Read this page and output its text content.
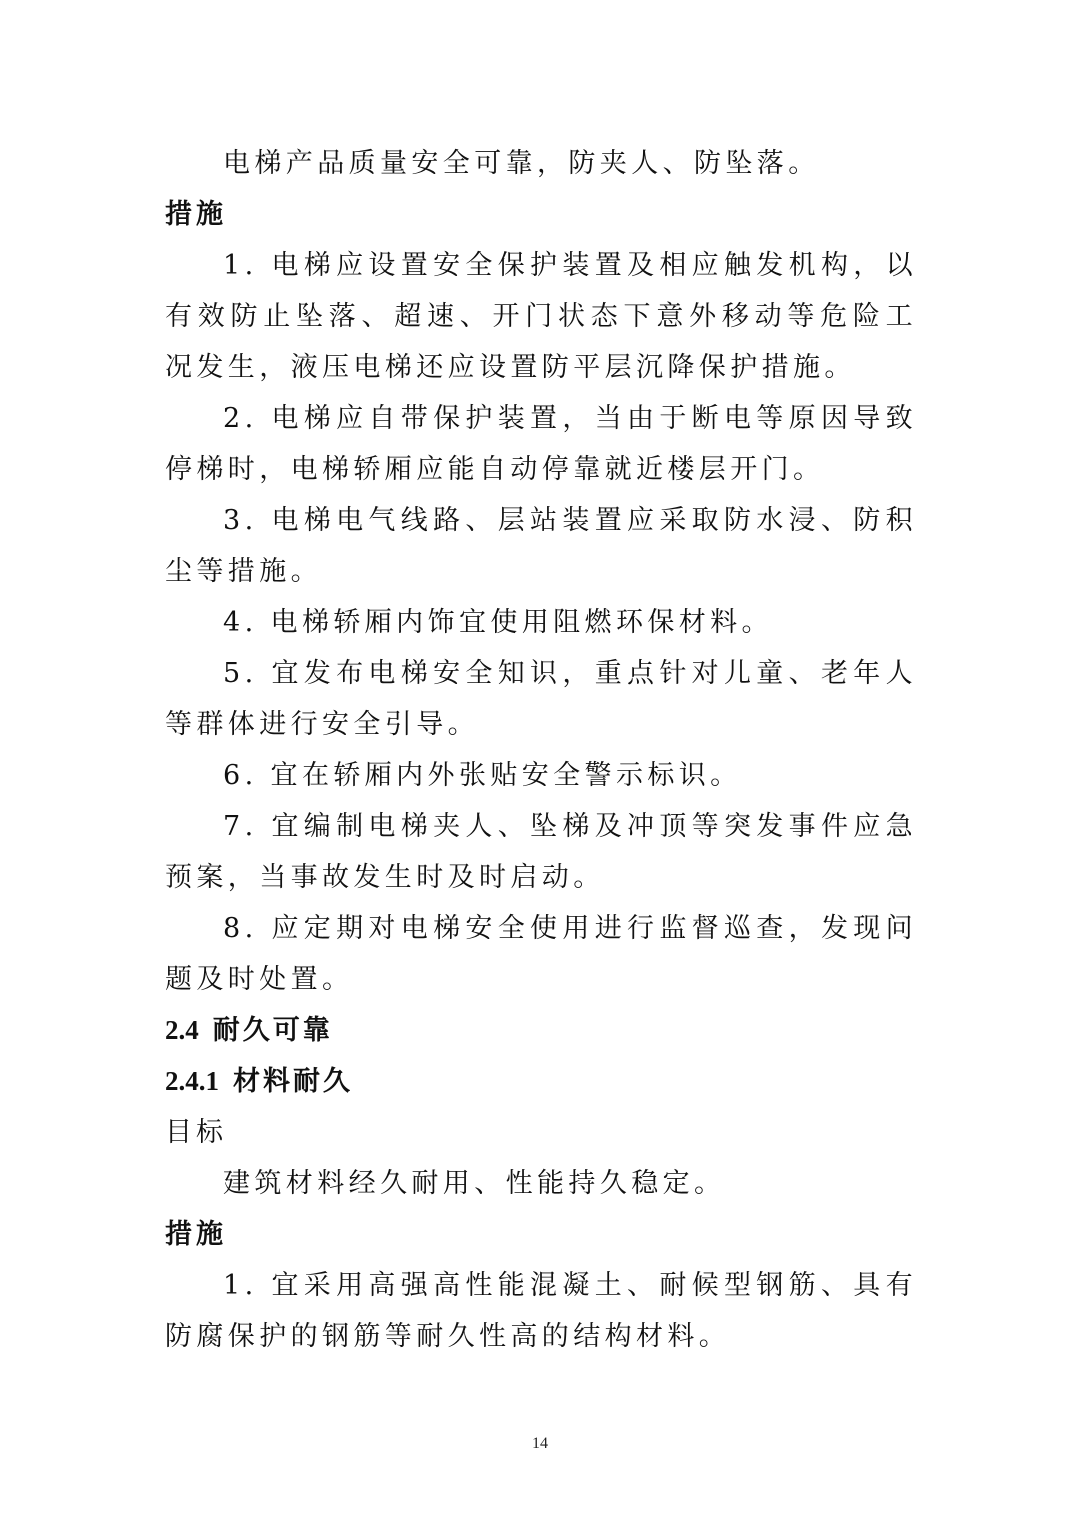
电梯产品质量安全可靠，防夹人、防坠落。

措施

1. 电梯应设置安全保护装置及相应触发机构，以有效防止坠落、超速、开门状态下意外移动等危险工况发生，液压电梯还应设置防平层沉降保护措施。

2. 电梯应自带保护装置，当由于断电等原因导致停梯时，电梯轿厢应能自动停靠就近楼层开门。

3. 电梯电气线路、层站装置应采取防水浸、防积尘等措施。

4. 电梯轿厢内饰宜使用阻燃环保材料。

5. 宜发布电梯安全知识，重点针对儿童、老年人等群体进行安全引导。

6. 宜在轿厢内外张贴安全警示标识。

7. 宜编制电梯夹人、坠梯及冲顶等突发事件应急预案，当事故发生时及时启动。

8. 应定期对电梯安全使用进行监督巡查，发现问题及时处置。

2.4 耐久可靠
2.4.1 材料耐久
目标

建筑材料经久耐用、性能持久稳定。

措施

1. 宜采用高强高性能混凝土、耐候型钢筋、具有防腐保护的钢筋等耐久性高的结构材料。

14
